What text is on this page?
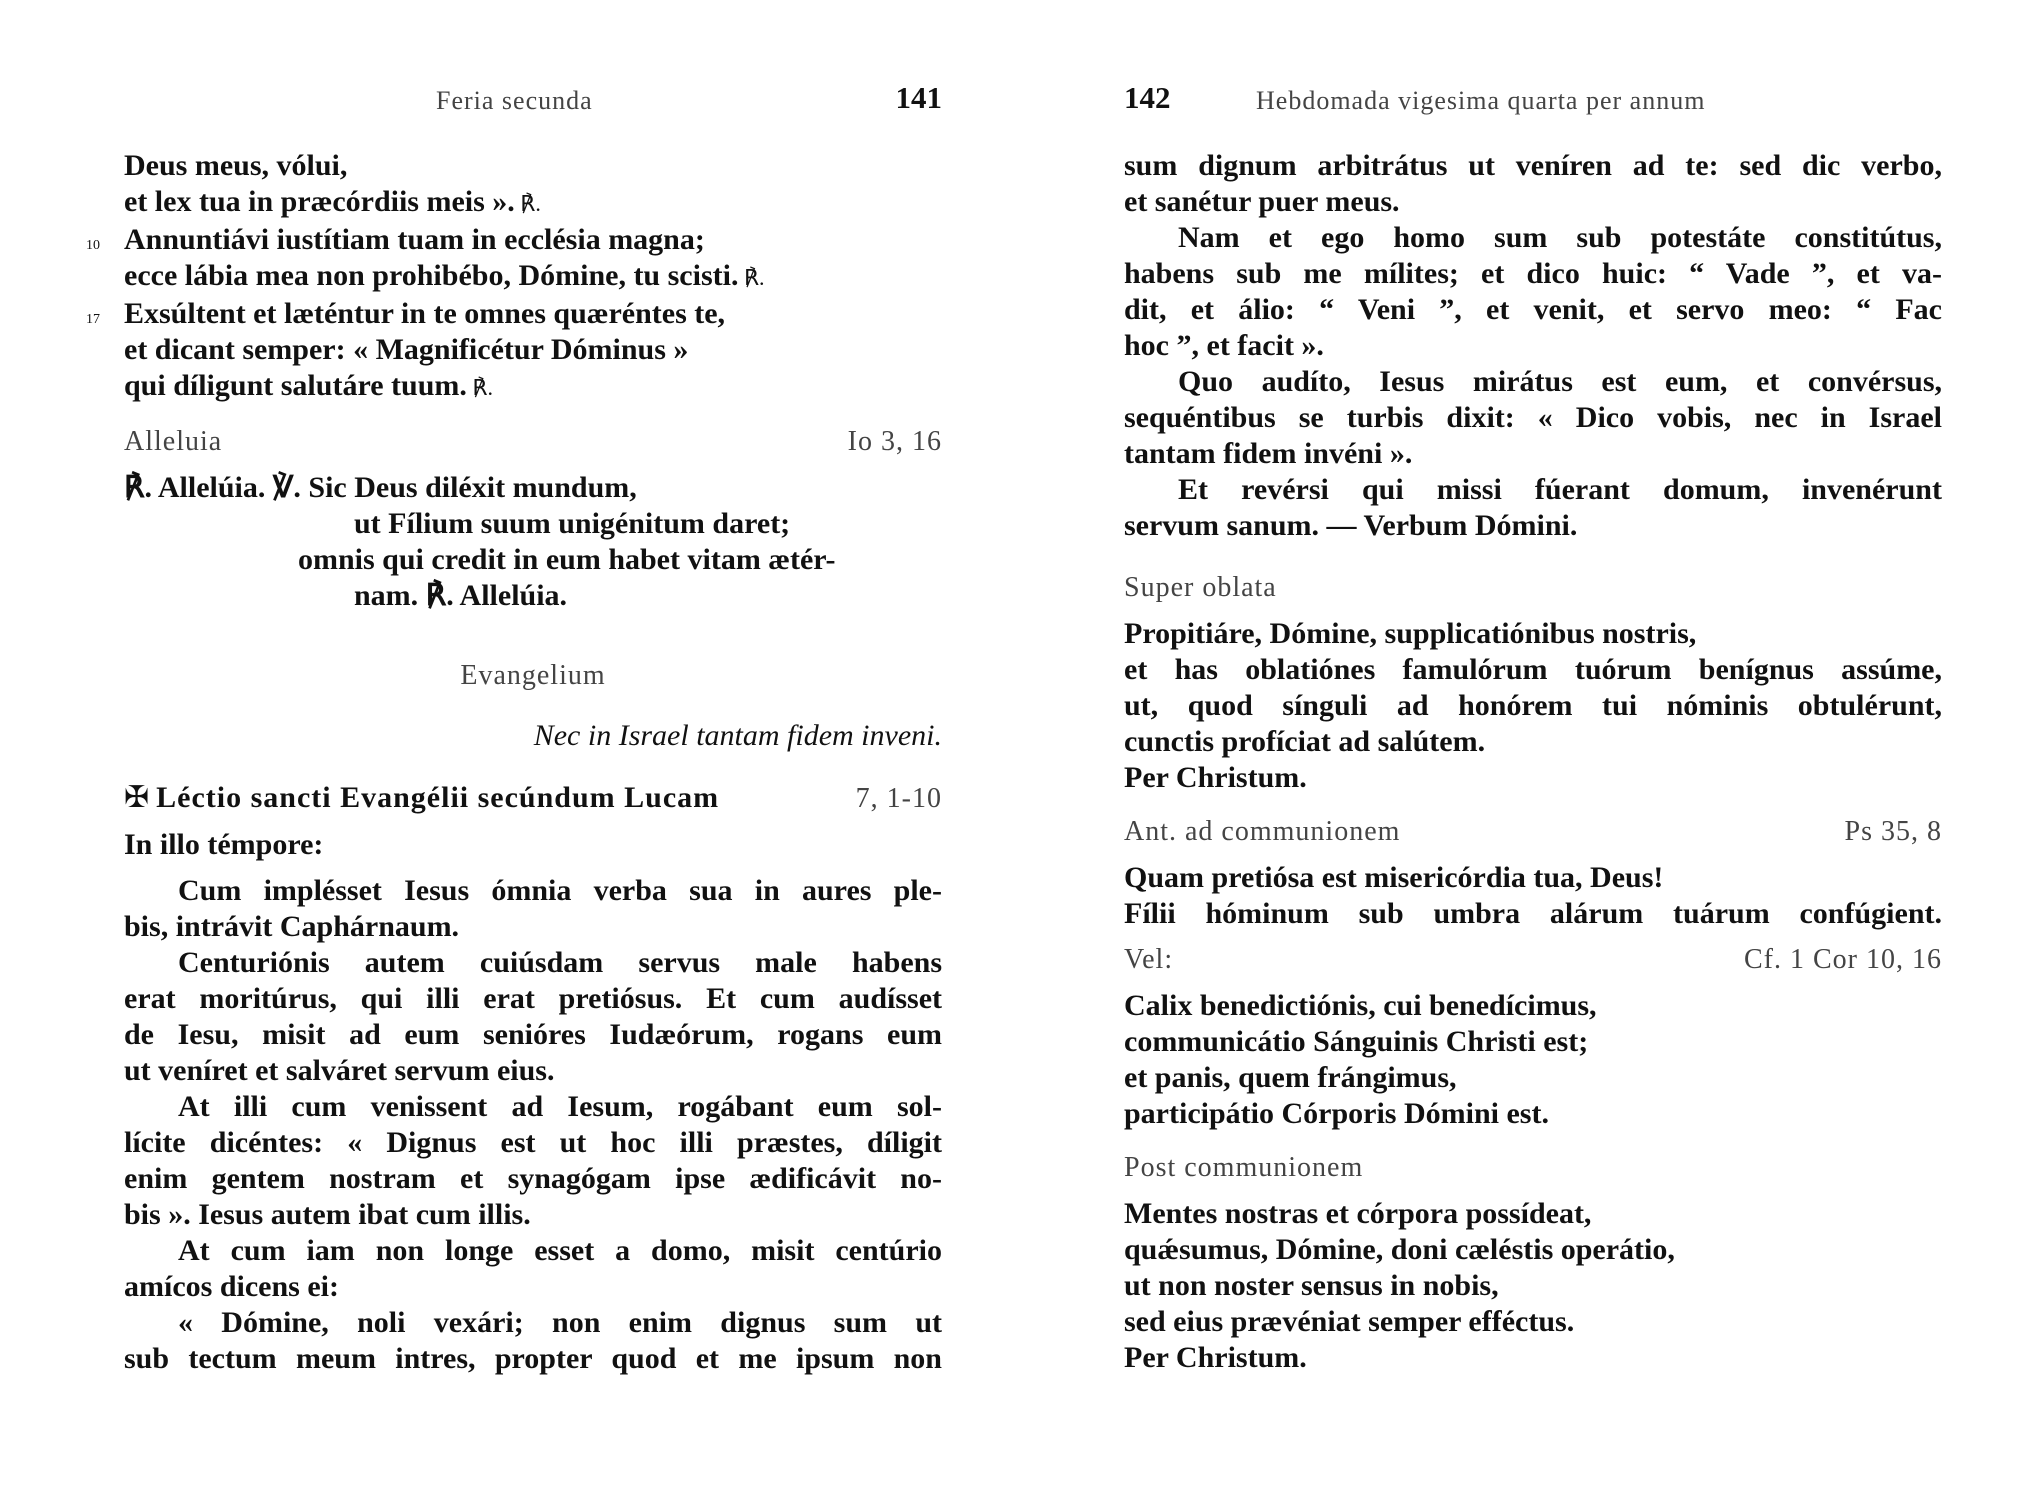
Feria secunda	141

Deus meus, vólui,

et lex tua in præcórdiis meis ». ℟.

10 Annuntiávi iustítiam tuam in ecclésia magna;

ecce lábia mea non prohibébo, Dómine, tu scisti. ℟.

17 Exsúltent et læténtur in te omnes quæréntes te,

et dicant semper: « Magnificétur Dóminus »

qui díligunt salutáre tuum. ℟.

Alleluia	Io 3, 16

℟. Allelúia. ℣. Sic Deus diléxit mundum,

ut Fílium suum unigénitum daret;

omnis qui credit in eum habet vitam ætér-

nam. ℟. Allelúia.

Evangelium
Nec in Israel tantam fidem inveni.
✠ Léctio sancti Evangélii secúndum Lucam	7, 1-10

In illo témpore:

Cum implésset Iesus ómnia verba sua in aures ple-

bis, intrávit Caphárnaum.

Centuriónis autem cuiúsdam servus male habens

erat moritúrus, qui illi erat pretiósus. Et cum audísset

de Iesu, misit ad eum senióres Iudæórum, rogans eum

ut veníret et salváret servum eius.

At illi cum venissent ad Iesum, rogábant eum sol-

lícite dicéntes: « Dignus est ut hoc illi præstes, díligit

enim gentem nostram et synagógam ipse ædificávit no-

bis ». Iesus autem ibat cum illis.

At cum iam non longe esset a domo, misit centúrio

amícos dicens ei:

« Dómine, noli vexári; non enim dignus sum ut

sub tectum meum intres, propter quod et me ipsum non

142	Hebdomada vigesima quarta per annum

sum dignum arbitrátus ut veníren ad te: sed dic verbo,

et sanétur puer meus.

Nam et ego homo sum sub potestáte constitútus,

habens sub me mílites; et dico huic: “ Vade ”, et va-

dit, et álio: “ Veni ”, et venit, et servo meo: “ Fac

hoc ”, et facit ».

Quo audíto, Iesus mirátus est eum, et convérsus,

sequéntibus se turbis dixit: « Dico vobis, nec in Israel

tantam fidem invéni ».

Et revérsi qui missi fúerant domum, invenérunt

servum sanum. — Verbum Dómini.

Super oblata

Propitiáre, Dómine, supplicatiónibus nostris,

et has oblatiónes famulórum tuórum benígnus assúme,

ut, quod sínguli ad honórem tui nóminis obtulérunt,

cunctis profíciat ad salútem.

Per Christum.

Ant. ad communionem	Ps 35, 8

Quam pretiósa est misericórdia tua, Deus!

Fílii hóminum sub umbra alárum tuárum confúgient.

Vel:	Cf. 1 Cor 10, 16

Calix benedictiónis, cui benedícimus,

communicátio Sánguinis Christi est;

et panis, quem frángimus,

participátio Córporis Dómini est.

Post communionem

Mentes nostras et córpora possídeat,

quǽsumus, Dómine, doni cæléstis operátio,

ut non noster sensus in nobis,

sed eius prævéniat semper efféctus.

Per Christum.
